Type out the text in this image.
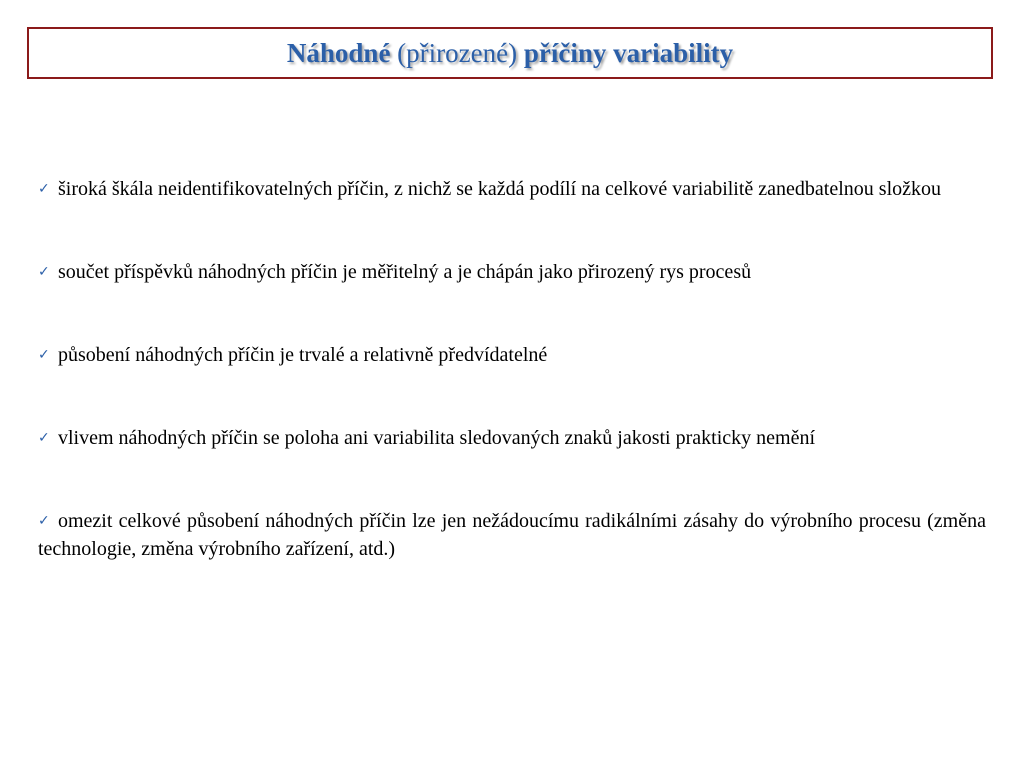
Náhodné (přirozené) příčiny variability
✓ široká škála neidentifikovatelných příčin, z nichž se každá podílí na celkové variabilitě zanedbatelnou složkou
✓ součet příspěvků náhodných příčin je měřitelný a je chápán jako přirozený rys procesů
✓ působení náhodných příčin je trvalé a relativně předvídatelné
✓ vlivem náhodných příčin se poloha ani variabilita sledovaných znaků jakosti prakticky nemění
✓ omezit celkové působení náhodných příčin lze jen nežádoucímu radikálními zásahy do výrobního procesu (změna technologie, změna výrobního zařízení, atd.)
